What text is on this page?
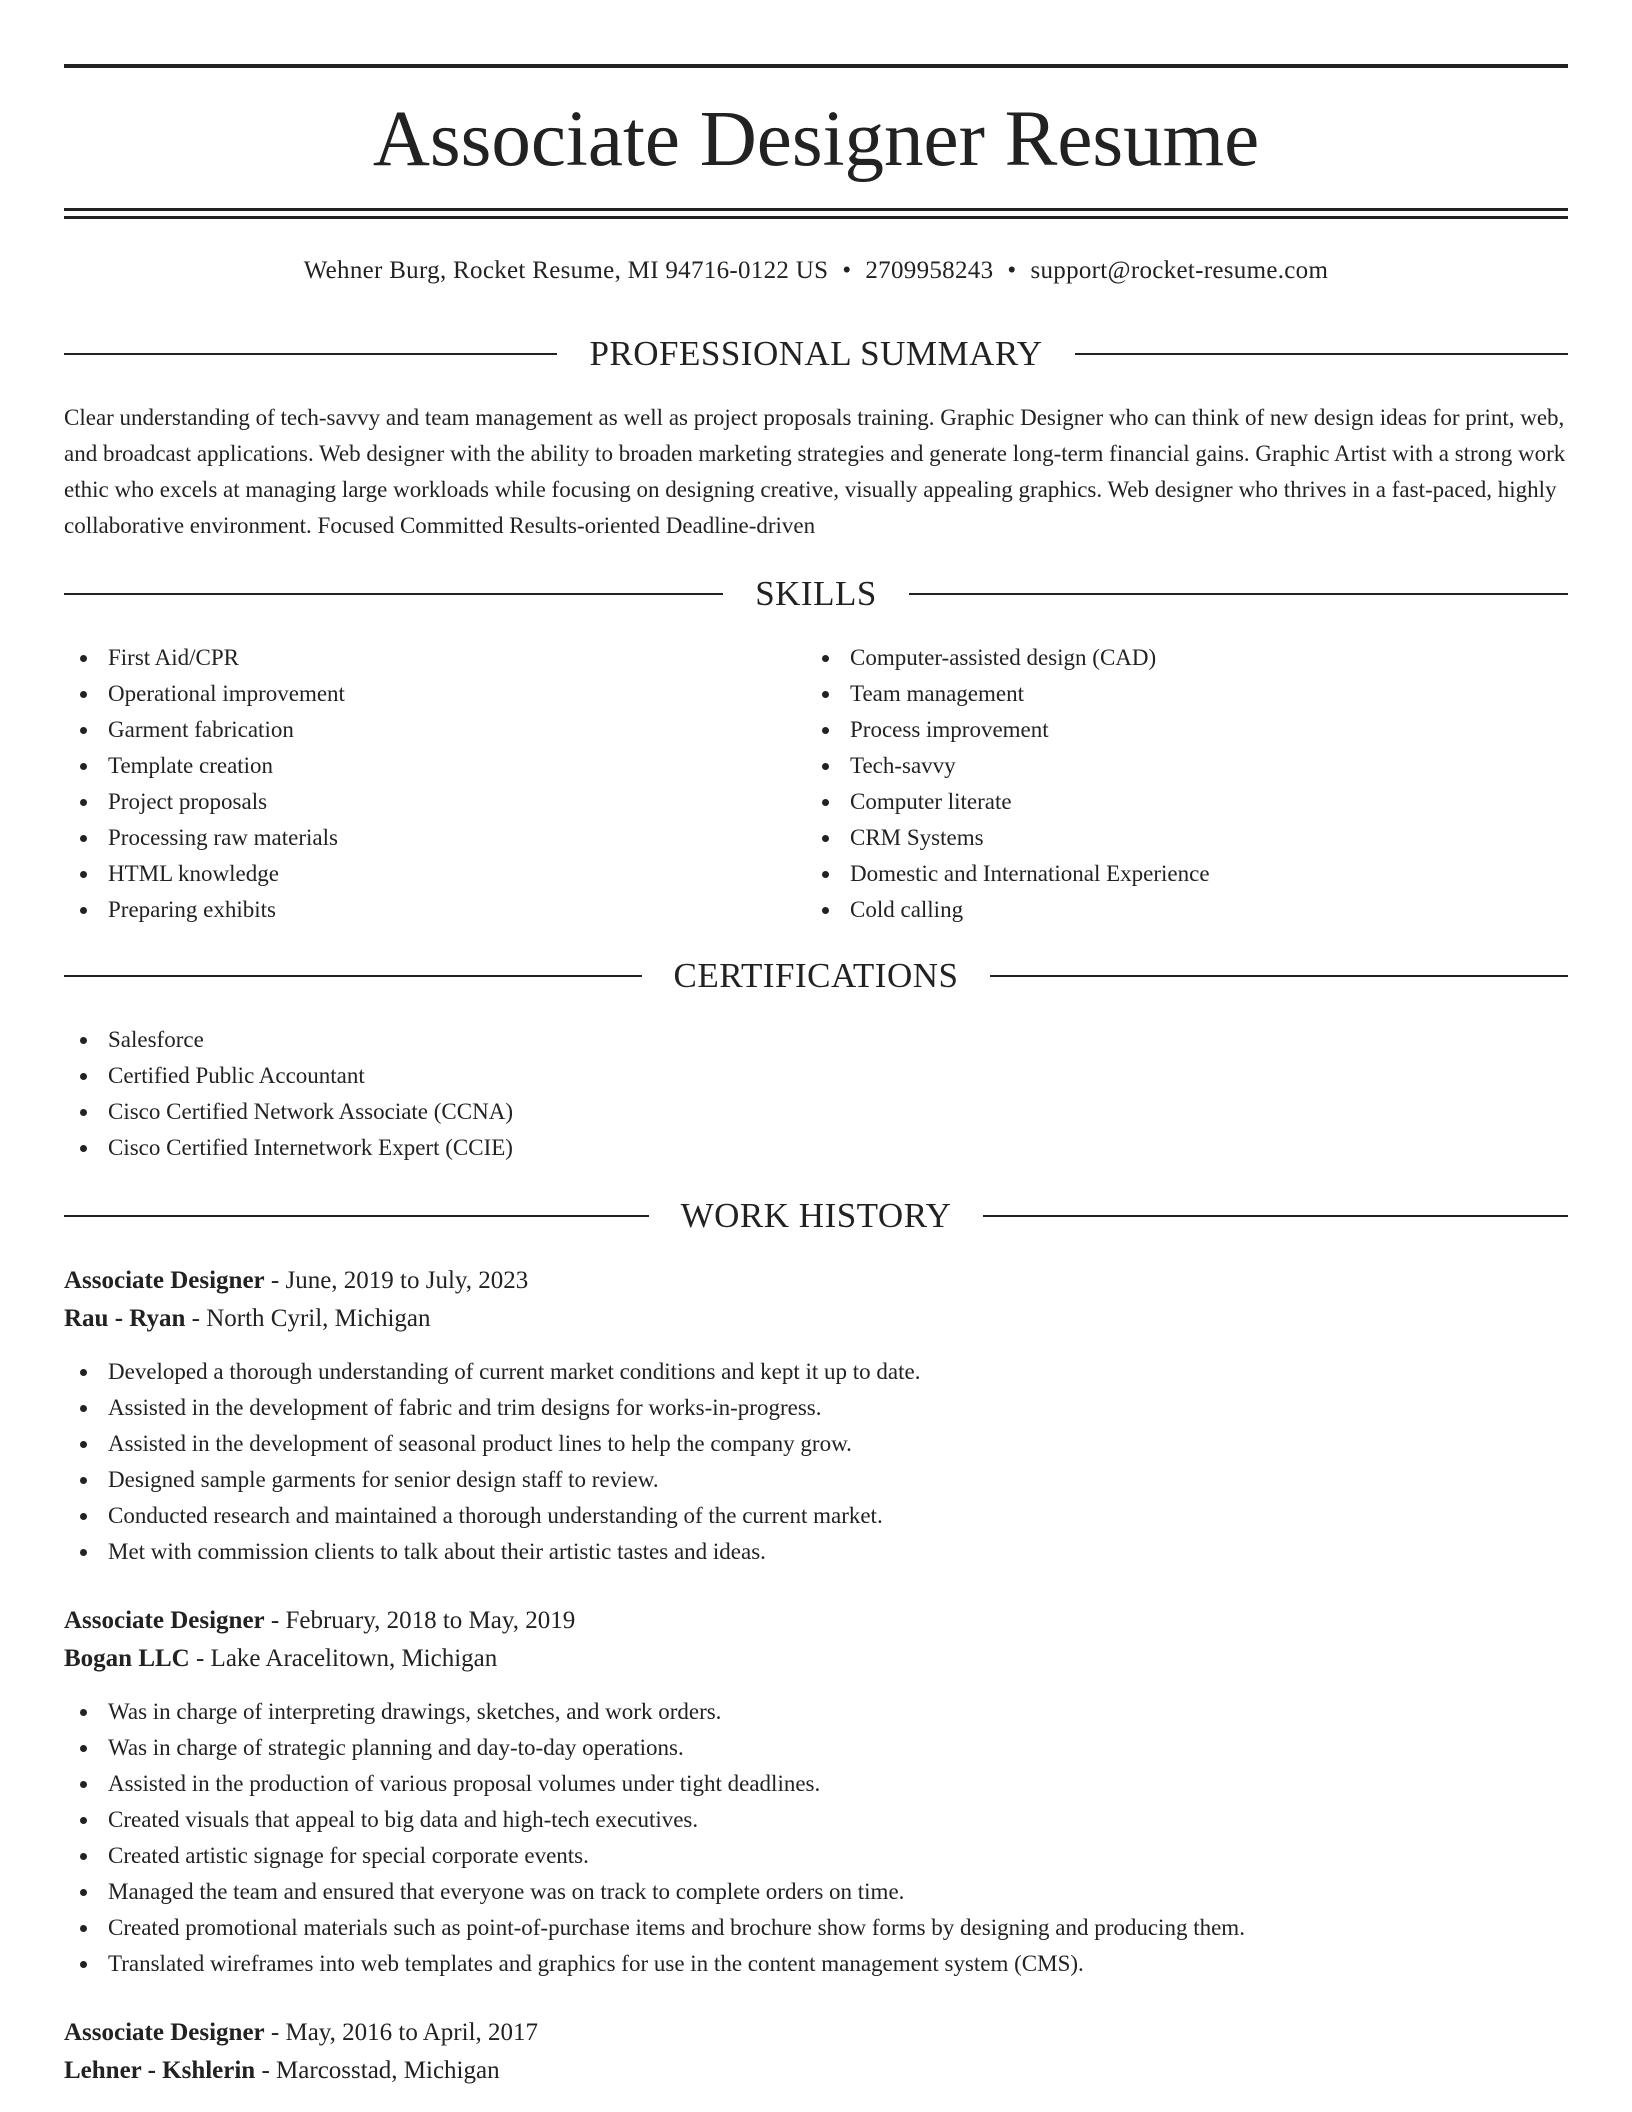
Associate Designer Resume
Wehner Burg, Rocket Resume, MI 94716-0122 US • 2709958243 • support@rocket-resume.com
PROFESSIONAL SUMMARY

Clear understanding of tech-savvy and team management as well as project proposals training. Graphic Designer who can think of new design ideas for print, web, and broadcast applications. Web designer with the ability to broaden marketing strategies and generate long-term financial gains. Graphic Artist with a strong work ethic who excels at managing large workloads while focusing on designing creative, visually appealing graphics. Web designer who thrives in a fast-paced, highly collaborative environment. Focused Committed Results-oriented Deadline-driven

SKILLS
First Aid/CPR
Operational improvement
Garment fabrication
Template creation
Project proposals
Processing raw materials
HTML knowledge
Preparing exhibits
Computer-assisted design (CAD)
Team management
Process improvement
Tech-savvy
Computer literate
CRM Systems
Domestic and International Experience
Cold calling
CERTIFICATIONS
Salesforce
Certified Public Accountant
Cisco Certified Network Associate (CCNA)
Cisco Certified Internetwork Expert (CCIE)
WORK HISTORY
Associate Designer - June, 2019 to July, 2023
Rau - Ryan - North Cyril, Michigan
Developed a thorough understanding of current market conditions and kept it up to date.
Assisted in the development of fabric and trim designs for works-in-progress.
Assisted in the development of seasonal product lines to help the company grow.
Designed sample garments for senior design staff to review.
Conducted research and maintained a thorough understanding of the current market.
Met with commission clients to talk about their artistic tastes and ideas.
Associate Designer - February, 2018 to May, 2019
Bogan LLC - Lake Aracelitown, Michigan
Was in charge of interpreting drawings, sketches, and work orders.
Was in charge of strategic planning and day-to-day operations.
Assisted in the production of various proposal volumes under tight deadlines.
Created visuals that appeal to big data and high-tech executives.
Created artistic signage for special corporate events.
Managed the team and ensured that everyone was on track to complete orders on time.
Created promotional materials such as point-of-purchase items and brochure show forms by designing and producing them.
Translated wireframes into web templates and graphics for use in the content management system (CMS).
Associate Designer - May, 2016 to April, 2017
Lehner - Kshlerin - Marcosstad, Michigan
